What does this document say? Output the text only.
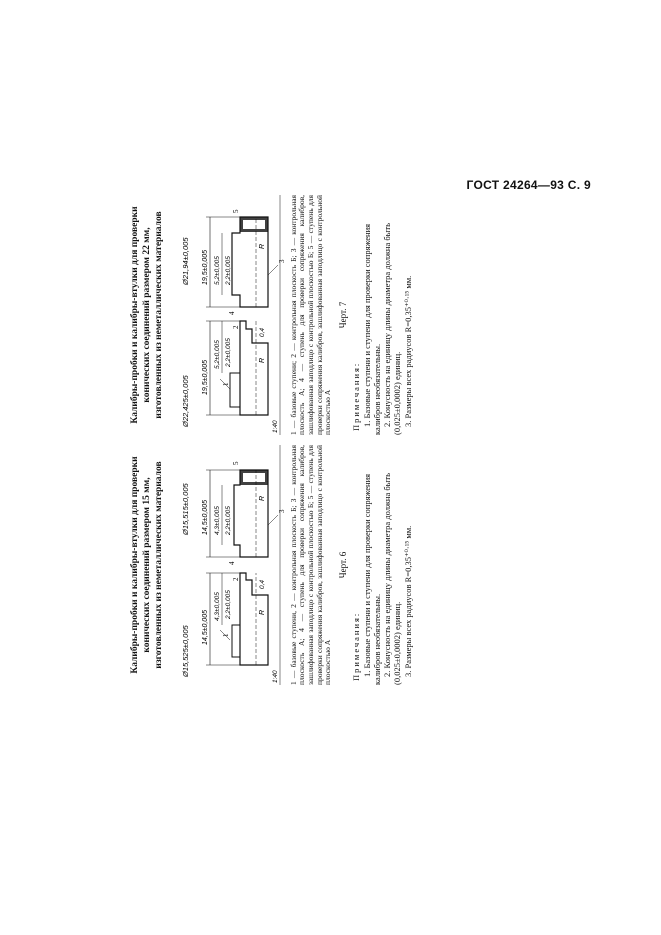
ГОСТ 24264—93 С. 9
Калибры-пробки и калибры-втулки для проверки конических соединений размером 15 мм, изготовленных из неметаллических материалов Ø15,525±0,005
Ø15,515±0,005
14,5±0,005
14,5±0,005
4,3±0,005
4,3±0,005
2,2±0,005
2,2±0,005
0,4
R
R
1:40
1
2
3
4
5	1 — базовые ступени, 2 — контрольная плоскость Б; 3 — контрольная плоскость А; 4 — ступень для проверки сопряжения калибров, зашлифованная заподлицо с контрольной плоскостью Б; 5 — ступень для проверки сопряжения калибров, зашлифованная заподлицо с контрольной плоскостью А
Черт. 6
Примечания: 1. Базовые ступени и ступени для проверки сопряжения калибров необязательны. 2. Конусность на единицу длины диаметра должна быть (0,025±0,0002) единиц. 3. Размеры всех радиусов R=0,35⁺⁰·¹⁵ мм.
Калибры-пробки и калибры-втулки для проверки конических соединений размером 22 мм, изготовленных из неметаллических материалов Ø22,425±0,005
Ø21,94±0,005
19,5±0,005
19,5±0,005
5,2±0,005
5,2±0,005
2,2±0,005
2,2±0,005
0,4
R
R
1:40
1
2
3
4
5	1 — базовые ступени; 2 — контрольная плоскость Б; 3 — контрольная плоскость А; 4 — ступень для проверки сопряжения калибров, зашлифованная заподлицо с контрольной плоскостью Б; 5 — ступень для проверки сопряжения калибров, зашлифованная заподлицо с контрольной плоскостью А
Черт. 7
Примечания: 1. Базовые ступени и ступени для проверки сопряжения калибров необязательны. 2. Конусность на единицу длины диаметра должна быть (0,025±0,0002) единиц. 3. Размеры всех радиусов R=0,35⁺⁰·¹⁵ мм.
